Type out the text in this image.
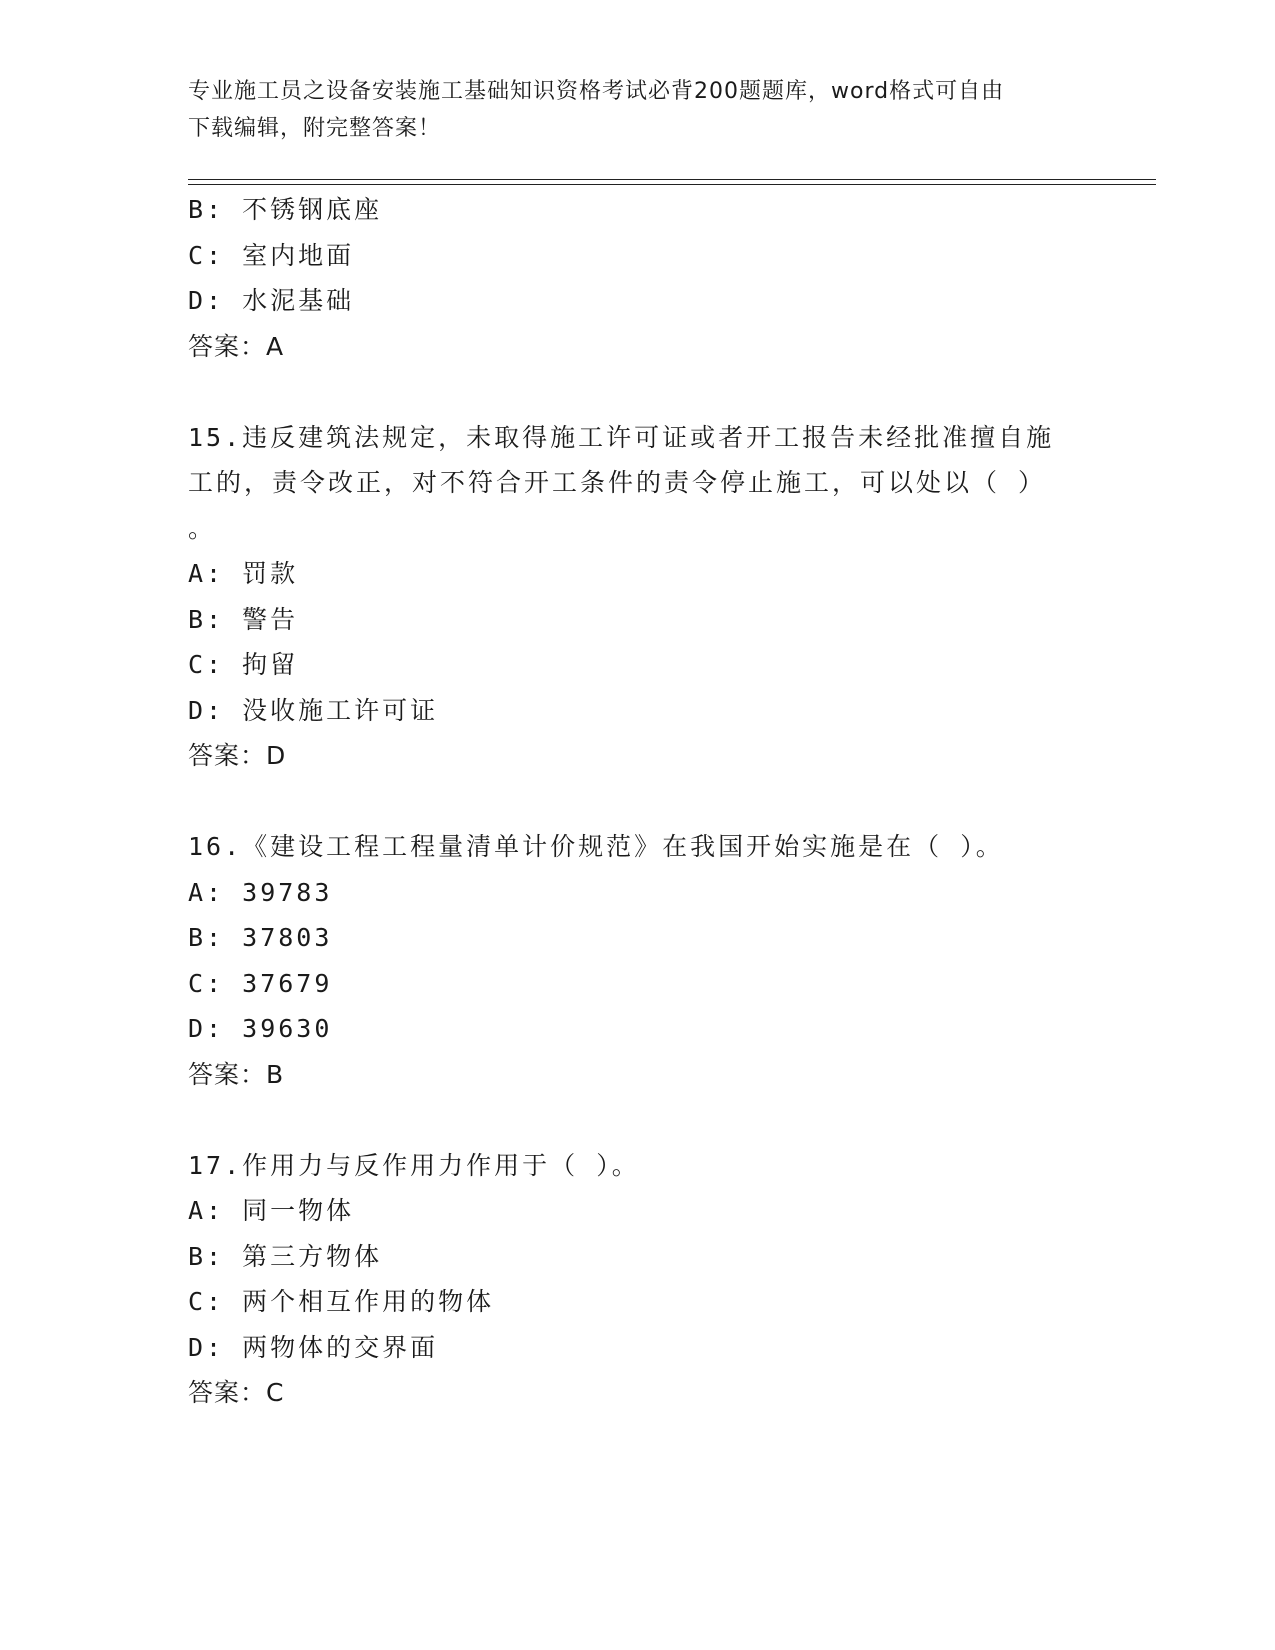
专业施工员之设备安装施工基础知识资格考试必背200题题库，word格式可自由
下载编辑，附完整答案！
B: 不锈钢底座
C: 室内地面
D: 水泥基础
答案：A
15.违反建筑法规定，未取得施工许可证或者开工报告未经批准擅自施
工的，责令改正，对不符合开工条件的责令停止施工，可以处以（ ）
。
A: 罚款
B: 警告
C: 拘留
D: 没收施工许可证
答案：D
16.《建设工程工程量清单计价规范》在我国开始实施是在（ ）。
A: 39783
B: 37803
C: 37679
D: 39630
答案：B
17.作用力与反作用力作用于（ ）。
A: 同一物体
B: 第三方物体
C: 两个相互作用的物体
D: 两物体的交界面
答案：C
